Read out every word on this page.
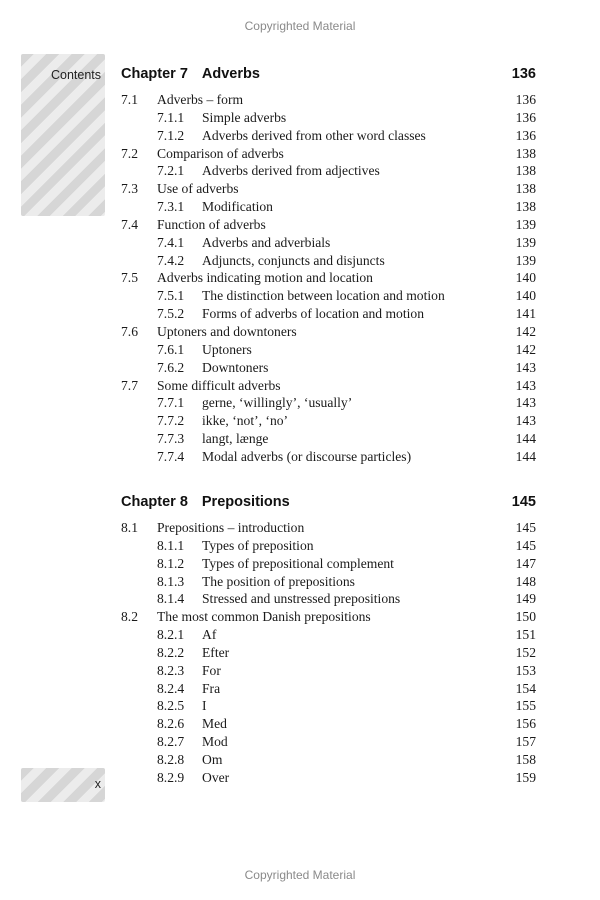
Copyrighted Material
Contents Chapter 7 Adverbs	136
7.1 Adverbs – form	136
7.1.1 Simple adverbs	136
7.1.2 Adverbs derived from other word classes	136
7.2 Comparison of adverbs	138
7.2.1 Adverbs derived from adjectives	138
7.3 Use of adverbs	138
7.3.1 Modification	138
7.4 Function of adverbs	139
7.4.1 Adverbs and adverbials	139
7.4.2 Adjuncts, conjuncts and disjuncts	139
7.5 Adverbs indicating motion and location	140
7.5.1 The distinction between location and motion	140
7.5.2 Forms of adverbs of location and motion	141
7.6 Uptoners and downtoners	142
7.6.1 Uptoners	142
7.6.2 Downtoners	143
7.7 Some difficult adverbs	143
7.7.1 gerne, ‘willingly’, ‘usually’	143
7.7.2 ikke, ‘not’, ‘no’	143
7.7.3 langt, længe	144
7.7.4 Modal adverbs (or discourse particles)	144
Chapter 8 Prepositions	145
8.1 Prepositions – introduction	145
8.1.1 Types of preposition	145
8.1.2 Types of prepositional complement	147
8.1.3 The position of prepositions	148
8.1.4 Stressed and unstressed prepositions	149
8.2 The most common Danish prepositions	150
8.2.1 Af	151
8.2.2 Efter	152
8.2.3 For	153
8.2.4 Fra	154
8.2.5 I	155
8.2.6 Med	156
8.2.7 Mod	157
8.2.8 Om	158
8.2.9 Over	159
x
Copyrighted Material
